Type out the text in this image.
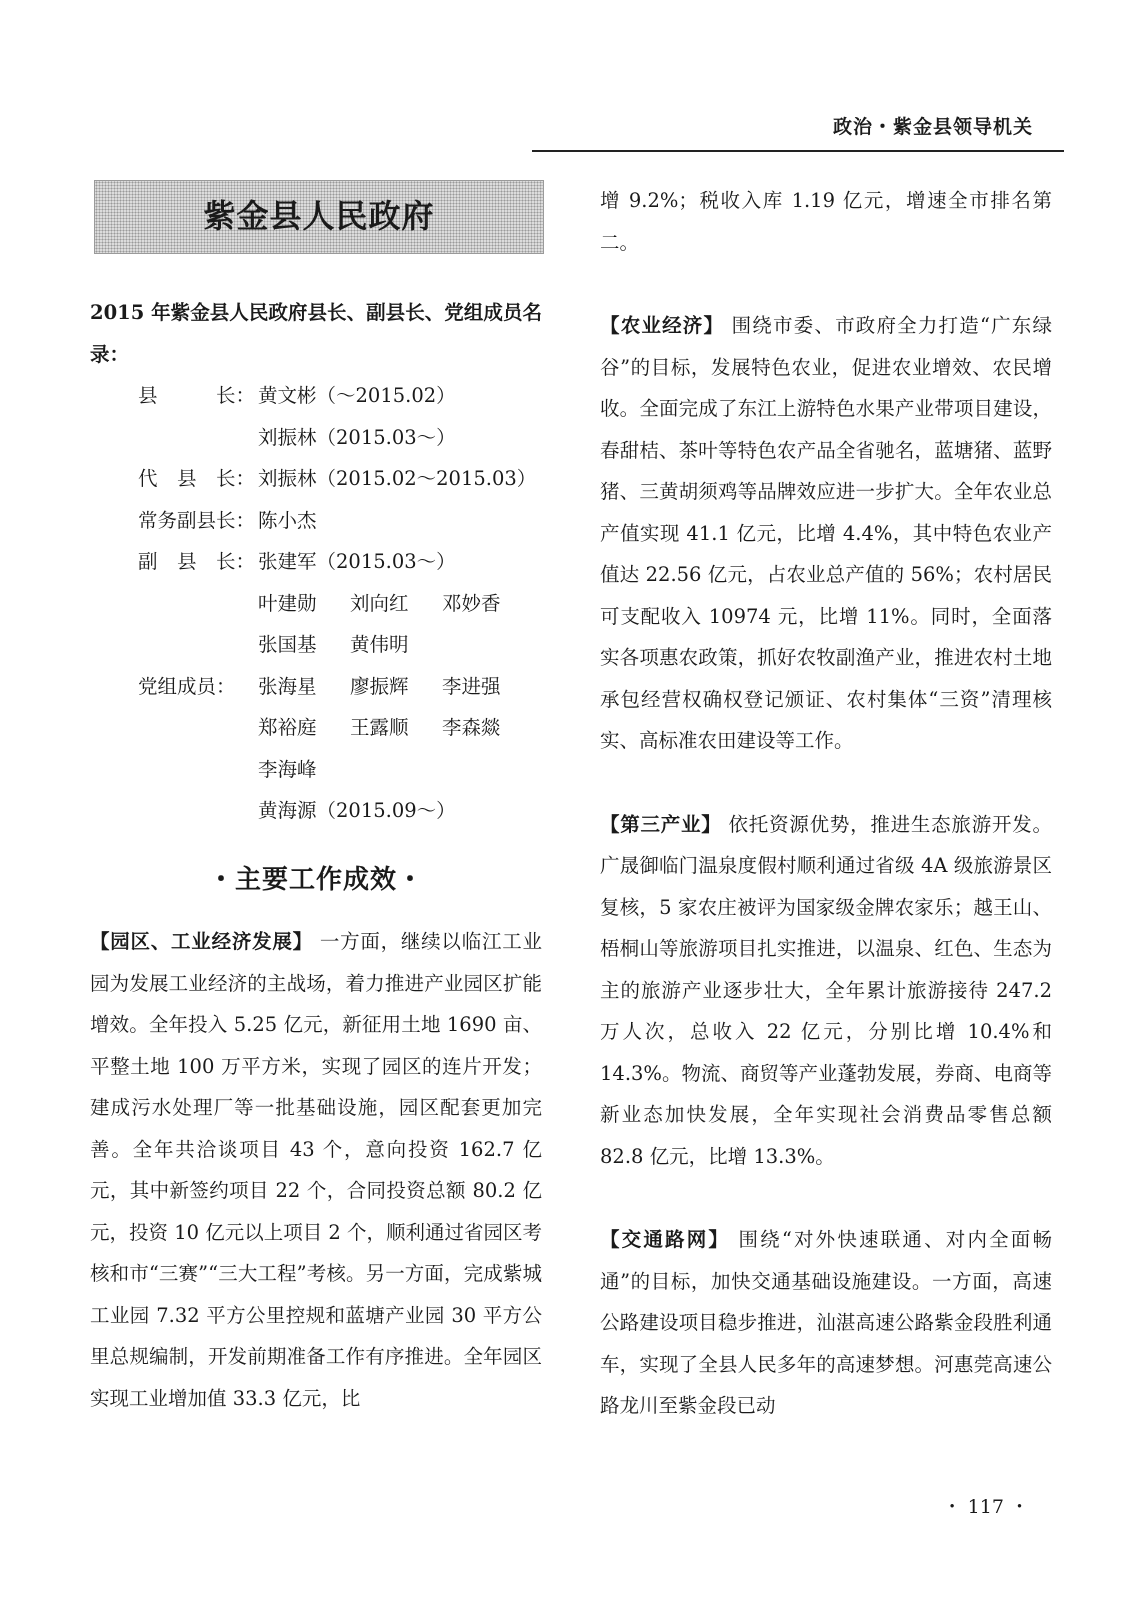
政治・紫金县领导机关
紫金县人民政府
2015 年紫金县人民政府县长、副县长、党组成员名录：
县　　　长： 黄文彬（～2015.02）
刘振林（2015.03～）
代　县　长： 刘振林（2015.02～2015.03）
常务副县长： 陈小杰
副　县　长： 张建军（2015.03～）
叶建勋 刘向红 邓妙香
张国基 黄伟明
党组成员：	张海星 廖振辉 李进强
郑裕庭 王露顺 李森燚
李海峰
黄海源（2015.09～）
・主要工作成效・

【园区、工业经济发展】 一方面，继续以临江工业园为发展工业经济的主战场，着力推进产业园区扩能增效。全年投入 5.25 亿元，新征用土地 1690 亩、平整土地 100 万平方米，实现了园区的连片开发；建成污水处理厂等一批基础设施，园区配套更加完善。全年共洽谈项目 43 个，意向投资 162.7 亿元，其中新签约项目 22 个，合同投资总额 80.2 亿元，投资 10 亿元以上项目 2 个，顺利通过省园区考核和市“三赛”“三大工程”考核。另一方面，完成紫城工业园 7.32 平方公里控规和蓝塘产业园 30 平方公里总规编制，开发前期准备工作有序推进。全年园区实现工业增加值 33.3 亿元，比

增 9.2%；税收入库 1.19 亿元，增速全市排名第二。

【农业经济】 围绕市委、市政府全力打造“广东绿谷”的目标，发展特色农业，促进农业增效、农民增收。全面完成了东江上游特色水果产业带项目建设，春甜桔、茶叶等特色农产品全省驰名，蓝塘猪、蓝野猪、三黄胡须鸡等品牌效应进一步扩大。全年农业总产值实现 41.1 亿元，比增 4.4%，其中特色农业产值达 22.56 亿元，占农业总产值的 56%；农村居民可支配收入 10974 元，比增 11%。同时，全面落实各项惠农政策，抓好农牧副渔产业，推进农村土地承包经营权确权登记颁证、农村集体“三资”清理核实、高标准农田建设等工作。

【第三产业】 依托资源优势，推进生态旅游开发。广晟御临门温泉度假村顺利通过省级 4A 级旅游景区复核，5 家农庄被评为国家级金牌农家乐；越王山、梧桐山等旅游项目扎实推进，以温泉、红色、生态为主的旅游产业逐步壮大，全年累计旅游接待 247.2 万人次，总收入 22 亿元，分别比增 10.4%和 14.3%。物流、商贸等产业蓬勃发展，券商、电商等新业态加快发展，全年实现社会消费品零售总额 82.8 亿元，比增 13.3%。

【交通路网】 围绕“对外快速联通、对内全面畅通”的目标，加快交通基础设施建设。一方面，高速公路建设项目稳步推进，汕湛高速公路紫金段胜利通车，实现了全县人民多年的高速梦想。河惠莞高速公路龙川至紫金段已动

・ 117 ・
